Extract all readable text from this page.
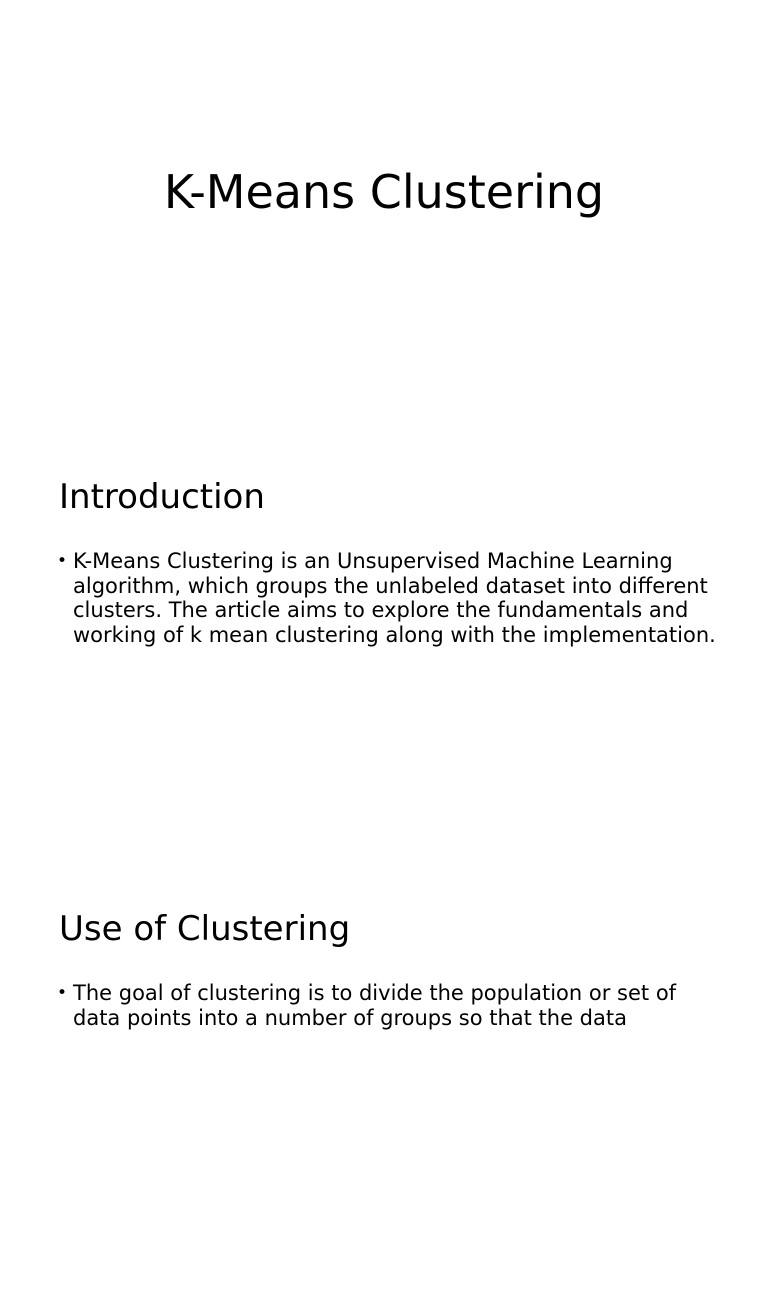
K-Means Clustering
Introduction
• K-Means Clustering is an Unsupervised Machine Learning algorithm, which groups the unlabeled dataset into different clusters. The article aims to explore the fundamentals and working of k mean clustering along with the implementation.
Use of Clustering
• The goal of clustering is to divide the population or set of data points into a number of groups so that the data
